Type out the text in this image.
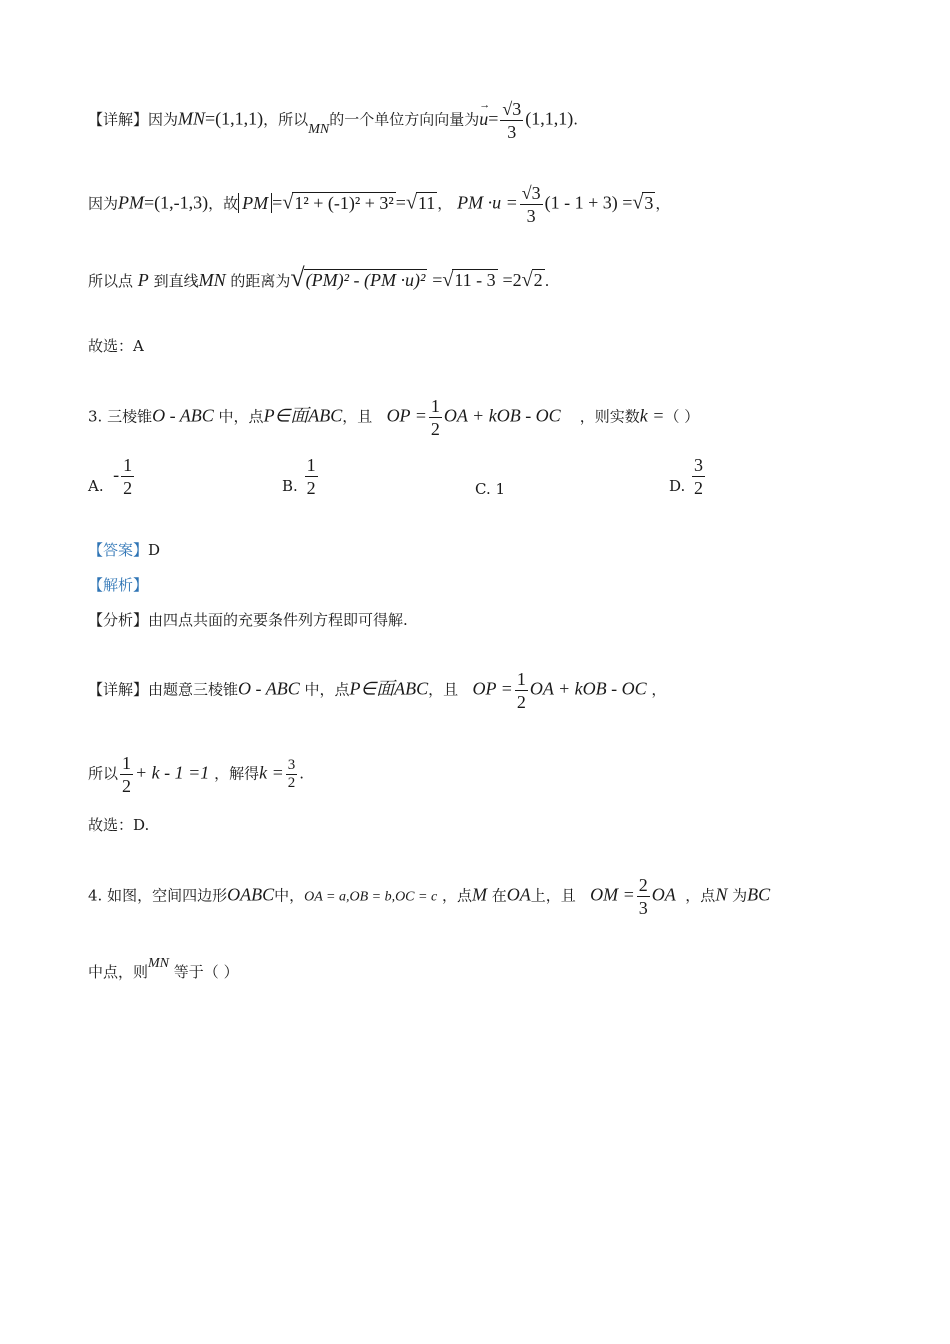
【详解】因为MN=(1,1,1)，所以MN的一个单位方向向量为
→
$u= \frac{√3}{3} (1,1,1)$.
因为PM=(1,-1,3)，故 PM =√1² + (-1)² + 3² =√11 ， PM $\cdot u = \frac{√3}{3} (1 - 1 + 3) =√3$ ，
所以点 P 到直线MN 的距离为√(PM)² - (PM ·u)² =√11 - 3 =2√2 .
故选：A
3. 三棱锥O - ABC 中，点P∈面ABC，且 OP = $\frac{1}{2}$ OA + kOB - OC ，则实数k =（ ）
A.  - $\frac{1}{2}$	B. $\frac{1}{2}$	C. 1	D. $\frac{3}{2}$
【答案】D
【解析】
【分析】由四点共面的充要条件列方程即可得解.
【详解】由题意三棱锥O - ABC 中，点P∈面ABC，且 OP = $\frac{1}{2}$ OA + kOB - OC ，
所以 $\frac{1}{2} + k - 1 =1$ ，解得$k = \frac{3}{2}$ .
故选：D.
4. 如图，空间四边形OABC中，OA = a,OB = b,OC = c ，点M 在OA上，且 OM = $\frac{2}{3}$ OA ，点N 为BC
中点，则MN 等于（ ）
